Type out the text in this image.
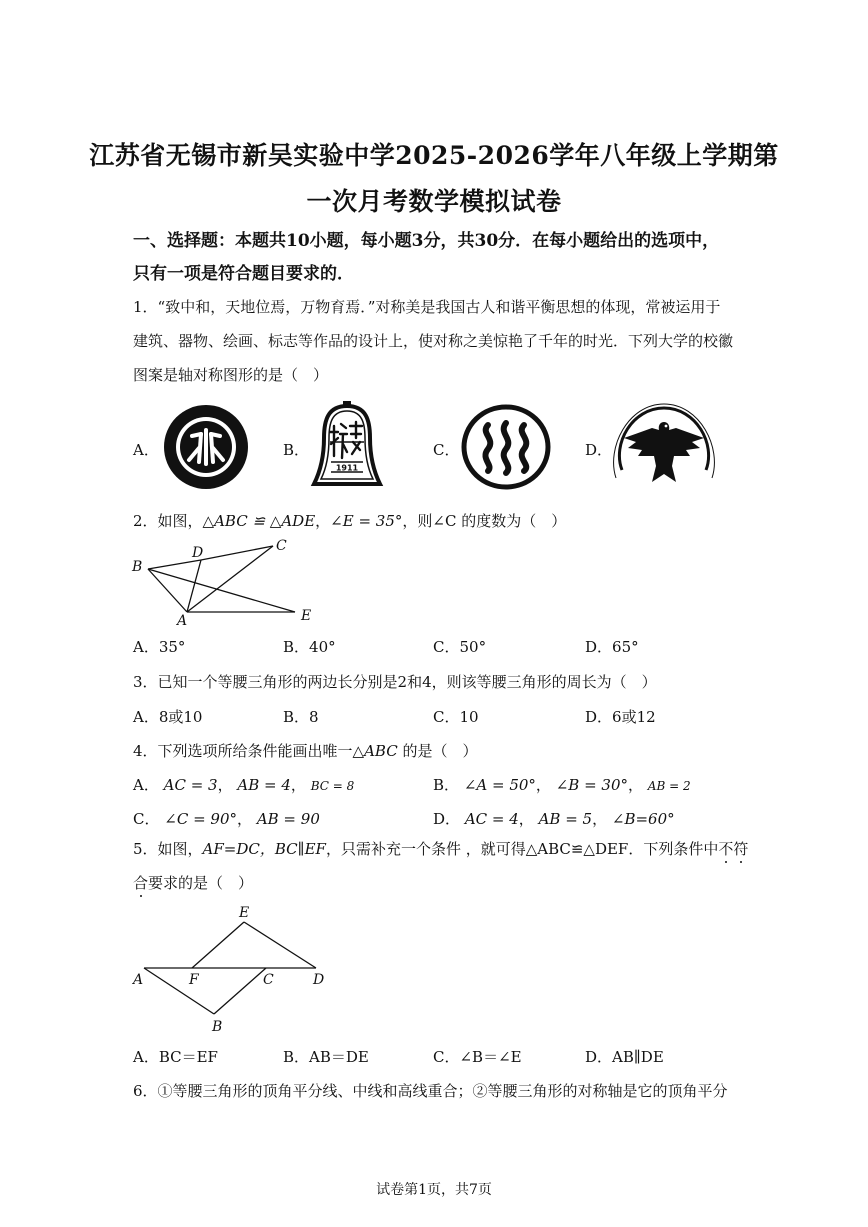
江苏省无锡市新吴实验中学2025-2026学年八年级上学期第
一次月考数学模拟试卷
一、选择题：本题共10小题，每小题3分，共30分．在每小题给出的选项中，
只有一项是符合题目要求的．
1．“致中和，天地位焉，万物育焉．”对称美是我国古人和谐平衡思想的体现，常被运用于
建筑、器物、绘画、标志等作品的设计上，使对称之美惊艳了千年的时光．下列大学的校徽
图案是轴对称图形的是（　）
A．	B．	C．	D．
1911
2．如图，△ABC ≌ △ADE，∠E = 35°，则∠C 的度数为（　）
B
D	C
A	E
A．35°	B．40°	C．50°	D．65°
3．已知一个等腰三角形的两边长分别是2和4，则该等腰三角形的周长为（　）
A．8或10	B．8	C．10	D．6或12
4．下列选项所给条件能画出唯一△ABC 的是（　）
A． AC = 3， AB = 4， BC = 8	B． ∠A = 50°， ∠B = 30°， AB = 2
C． ∠C = 90°， AB = 90	D． AC = 4， AB = 5， ∠B=60°
5．如图，AF=DC，BC∥EF，只需补充一个条件 ，就可得△ABC≌△DEF．下列条件中不符
合要求的是（　）
E
A	F	C	D
B
A．BC＝EF	B．AB＝DE	C．∠B＝∠E	D．AB∥DE
6．①等腰三角形的顶角平分线、中线和高线重合；②等腰三角形的对称轴是它的顶角平分
试卷第1页，共7页
